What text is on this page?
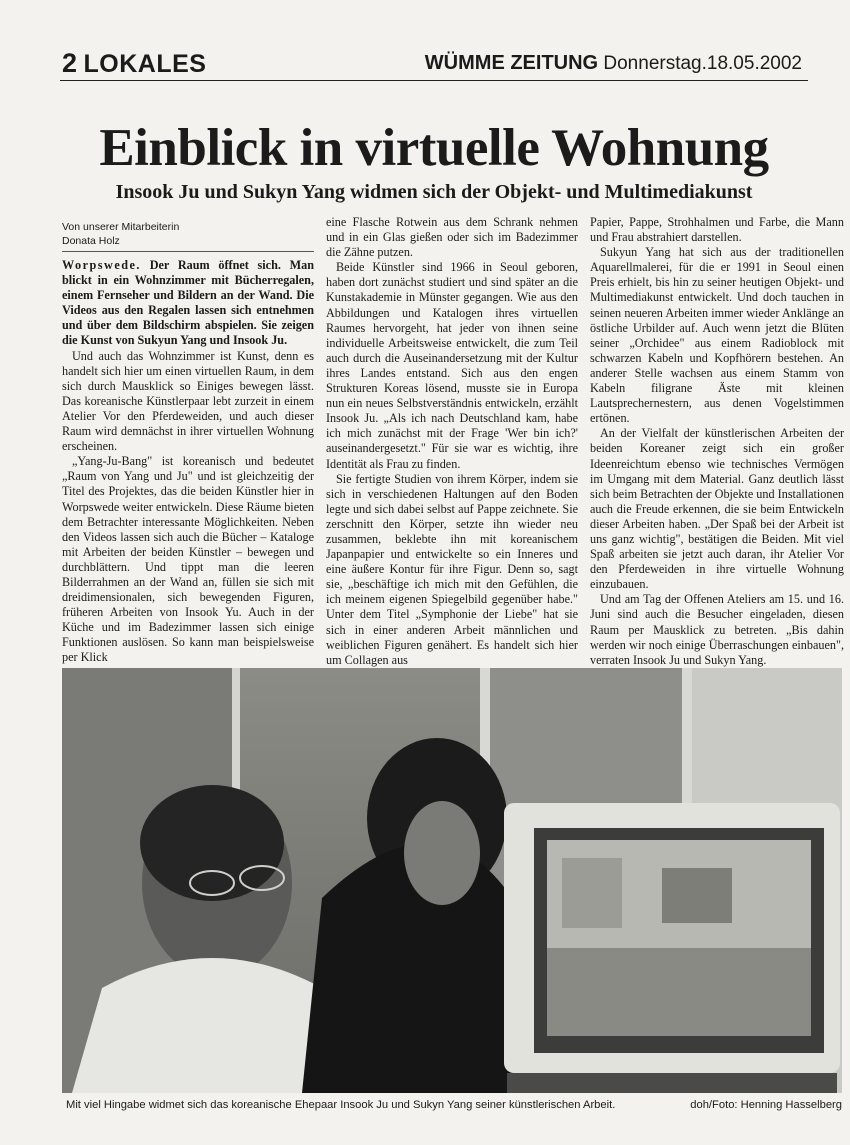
2 LOKALES	WÜMME ZEITUNG Donnerstag.18.05.2002
Einblick in virtuelle Wohnung
Insook Ju und Sukyn Yang widmen sich der Objekt- und Multimediakunst
Von unserer Mitarbeiterin
Donata Holz

Worpswede. Der Raum öffnet sich. Man blickt in ein Wohnzimmer mit Bücherregalen, einem Fernseher und Bildern an der Wand. Die Videos aus den Regalen lassen sich entnehmen und über dem Bildschirm abspielen. Sie zeigen die Kunst von Sukyun Yang und Insook Ju.

Und auch das Wohnzimmer ist Kunst, denn es handelt sich hier um einen virtuellen Raum, in dem sich durch Mausklick so Einiges bewegen lässt. Das koreanische Künstlerpaar lebt zurzeit in einem Atelier Vor den Pferdeweiden, und auch dieser Raum wird demnächst in ihrer virtuellen Wohnung erscheinen.

„Yang-Ju-Bang" ist koreanisch und bedeutet „Raum von Yang und Ju" und ist gleichzeitig der Titel des Projektes, das die beiden Künstler hier in Worpswede weiter entwickeln. Diese Räume bieten dem Betrachter interessante Möglichkeiten. Neben den Videos lassen sich auch die Bücher – Kataloge mit Arbeiten der beiden Künstler – bewegen und durchblättern. Und tippt man die leeren Bilderrahmen an der Wand an, füllen sie sich mit dreidimensionalen, sich bewegenden Figuren, früheren Arbeiten von Insook Yu. Auch in der Küche und im Badezimmer lassen sich einige Funktionen auslösen. So kann man beispielsweise per Klick

eine Flasche Rotwein aus dem Schrank nehmen und in ein Glas gießen oder sich im Badezimmer die Zähne putzen.

Beide Künstler sind 1966 in Seoul geboren, haben dort zunächst studiert und sind später an die Kunstakademie in Münster gegangen. Wie aus den Abbildungen und Katalogen ihres virtuellen Raumes hervorgeht, hat jeder von ihnen seine individuelle Arbeitsweise entwickelt, die zum Teil auch durch die Auseinandersetzung mit der Kultur ihres Landes entstand. Sich aus den engen Strukturen Koreas lösend, musste sie in Europa nun ein neues Selbstverständnis entwickeln, erzählt Insook Ju. „Als ich nach Deutschland kam, habe ich mich zunächst mit der Frage 'Wer bin ich?' auseinandergesetzt." Für sie war es wichtig, ihre Identität als Frau zu finden.

Sie fertigte Studien von ihrem Körper, indem sie sich in verschiedenen Haltungen auf den Boden legte und sich dabei selbst auf Pappe zeichnete. Sie zerschnitt den Körper, setzte ihn wieder neu zusammen, beklebte ihn mit koreanischem Japanpapier und entwickelte so ein Inneres und eine äußere Kontur für ihre Figur. Denn so, sagt sie, „beschäftige ich mich mit den Gefühlen, die ich meinem eigenen Spiegelbild gegenüber habe." Unter dem Titel „Symphonie der Liebe" hat sie sich in einer anderen Arbeit männlichen und weiblichen Figuren genähert. Es handelt sich hier um Collagen aus

Papier, Pappe, Strohhalmen und Farbe, die Mann und Frau abstrahiert darstellen.

Sukyun Yang hat sich aus der traditionellen Aquarellmalerei, für die er 1991 in Seoul einen Preis erhielt, bis hin zu seiner heutigen Objekt- und Multimediakunst entwickelt. Und doch tauchen in seinen neueren Arbeiten immer wieder Anklänge an östliche Urbilder auf. Auch wenn jetzt die Blüten seiner „Orchidee" aus einem Radioblock mit schwarzen Kabeln und Kopfhörern bestehen. An anderer Stelle wachsen aus einem Stamm von Kabeln filigrane Äste mit kleinen Lautsprechernestern, aus denen Vogelstimmen ertönen.

An der Vielfalt der künstlerischen Arbeiten der beiden Koreaner zeigt sich ein großer Ideenreichtum ebenso wie technisches Vermögen im Umgang mit dem Material. Ganz deutlich lässt sich beim Betrachten der Objekte und Installationen auch die Freude erkennen, die sie beim Entwickeln dieser Arbeiten haben. „Der Spaß bei der Arbeit ist uns ganz wichtig", bestätigen die Beiden. Mit viel Spaß arbeiten sie jetzt auch daran, ihr Atelier Vor den Pferdeweiden in ihre virtuelle Wohnung einzubauen.

Und am Tag der Offenen Ateliers am 15. und 16. Juni sind auch die Besucher eingeladen, diesen Raum per Mausklick zu betreten. „Bis dahin werden wir noch einige Überraschungen einbauen", verraten Insook Ju und Sukyn Yang.

Mit viel Hingabe widmet sich das koreanische Ehepaar Insook Ju und Sukyn Yang seiner künstlerischen Arbeit.	doh/Foto: Henning Hasselberg
